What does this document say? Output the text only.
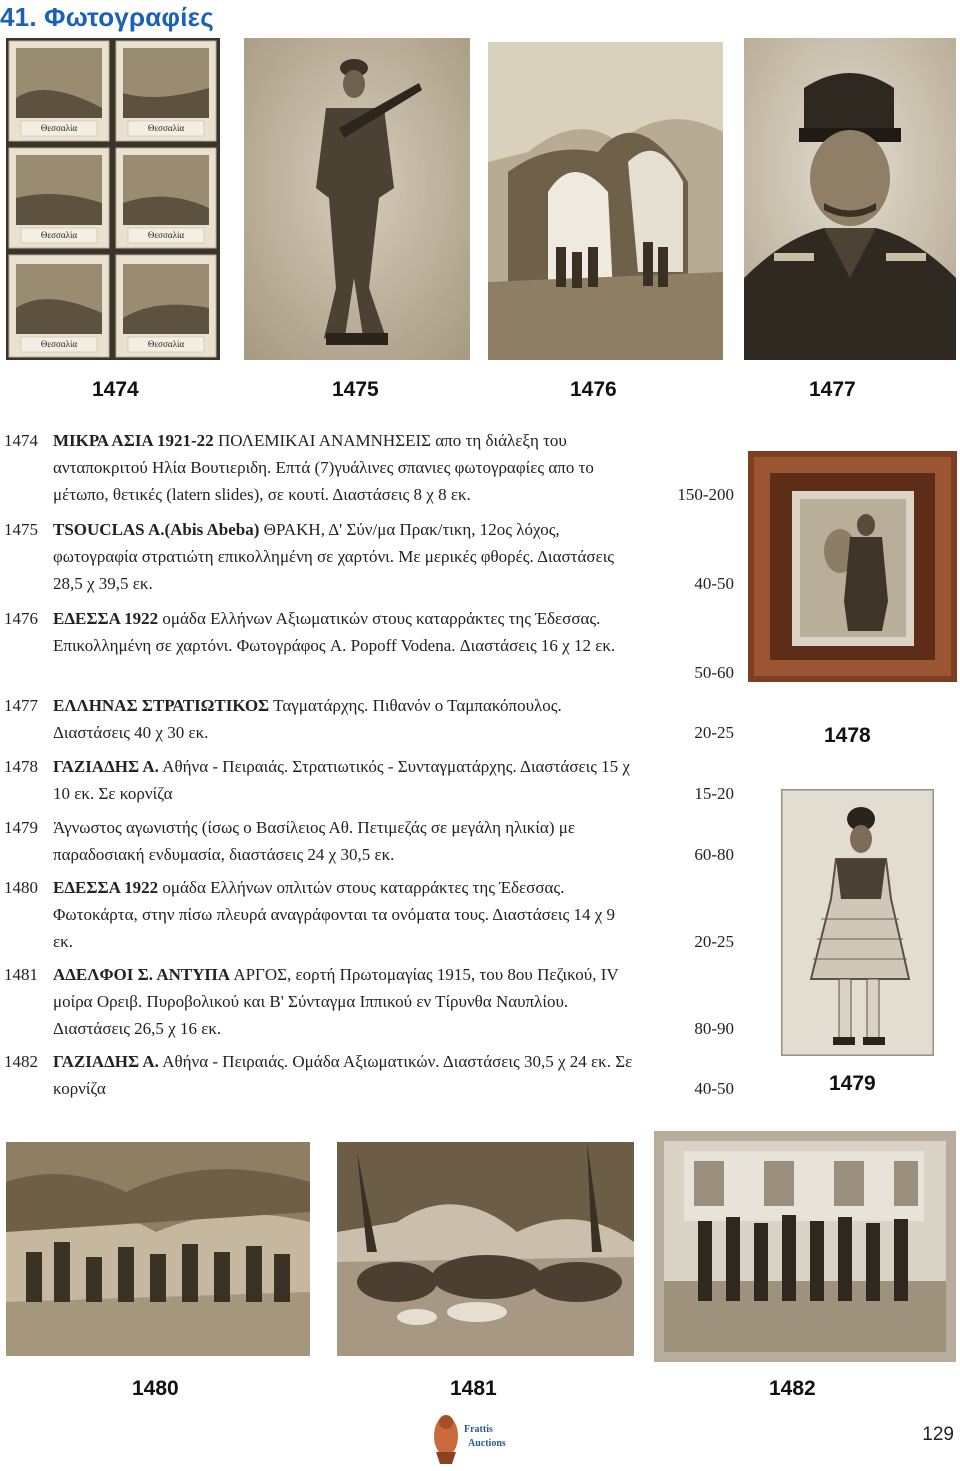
41. Φωτογραφίες
Θεσσαλία	Θεσσαλία
Θεσσαλία	Θεσσαλία
Θεσσαλία	Θεσσαλία
1474	1475	1476	1477
1474 ΜΙΚΡΑ ΑΣΙΑ 1921-22 ΠΟΛΕΜΙΚΑΙ ΑΝΑΜΝΗΣΕΙΣ απο τη διάλεξη του
ανταποκριτού Ηλία Βουτιεριδη. Επτά (7)γυάλινες σπανιες φωτογραφίες απο το
μέτωπο, θετικές (latern slides), σε κουτί. Διαστάσεις 8 χ 8 εκ.	150-200
1475 TSOUCLAS A.(Abis Abeba) ΘΡΑΚΗ, Δ' Σύν/μα Πρακ/τικη, 12ος λόχος,
φωτογραφία στρατιώτη επικολλημένη σε χαρτόνι. Με μερικές φθορές. Διαστάσεις
28,5 χ 39,5 εκ.	40-50
1476 ΕΔΕΣΣΑ 1922 ομάδα Ελλήνων Αξιωματικών στους καταρράκτες της Έδεσσας.
Επικολλημένη σε χαρτόνι. Φωτογράφος A. Popoff Vodena. Διαστάσεις 16 χ 12 εκ.
50-60
1477 ΕΛΛΗΝΑΣ ΣΤΡΑΤΙΩΤΙΚΟΣ Ταγματάρχης. Πιθανόν ο Ταμπακόπουλος.
Διαστάσεις 40 χ 30 εκ.	20-25
1478 ΓΑΖΙΑΔΗΣ Α. Αθήνα - Πειραιάς. Στρατιωτικός - Συνταγματάρχης. Διαστάσεις 15 χ
10 εκ. Σε κορνίζα	15-20
1479 Άγνωστος αγωνιστής (ίσως ο Βασίλειος Αθ. Πετιμεζάς σε μεγάλη ηλικία) με
παραδοσιακή ενδυμασία, διαστάσεις 24 χ 30,5 εκ.	60-80
1480 ΕΔΕΣΣΑ 1922 ομάδα Ελλήνων οπλιτών στους καταρράκτες της Έδεσσας.
Φωτοκάρτα, στην πίσω πλευρά αναγράφονται τα ονόματα τους. Διαστάσεις 14 χ 9
εκ.	20-25
1481 ΑΔΕΛΦΟΙ Σ. ΑΝΤΥΠΑ ΑΡΓΟΣ, εορτή Πρωτομαγίας 1915, του 8ου Πεζικού, IV
μοίρα Ορειβ. Πυροβολικού και Β' Σύνταγμα Ιππικού εν Τίρυνθα Ναυπλίου.
Διαστάσεις 26,5 χ 16 εκ.	80-90
1482 ΓΑΖΙΑΔΗΣ Α. Αθήνα - Πειραιάς. Ομάδα Αξιωματικών. Διαστάσεις 30,5 χ 24 εκ. Σε
κορνίζα	40-50
1478
1479
1480	1481	1482
Frattis
Auctions	129
